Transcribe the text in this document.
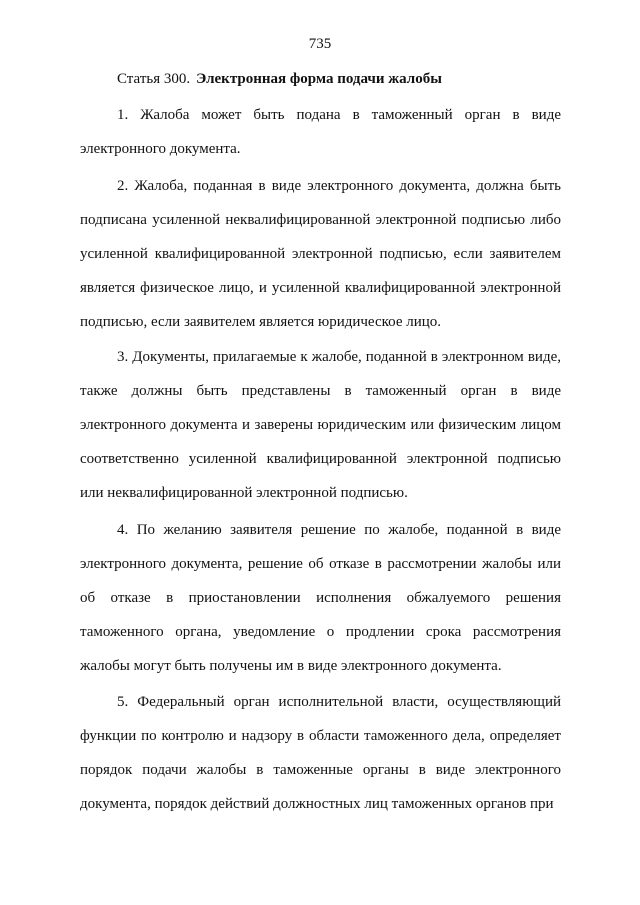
735
Статья 300. Электронная форма подачи жалобы

1. Жалоба может быть подана в таможенный орган в виде электронного документа.

2. Жалоба, поданная в виде электронного документа, должна быть подписана усиленной неквалифицированной электронной подписью либо усиленной квалифицированной электронной подписью, если заявителем является физическое лицо, и усиленной квалифицированной электронной подписью, если заявителем является юридическое лицо.

3. Документы, прилагаемые к жалобе, поданной в электронном виде, также должны быть представлены в таможенный орган в виде электронного документа и заверены юридическим или физическим лицом соответственно усиленной квалифицированной электронной подписью или неквалифицированной электронной подписью.

4. По желанию заявителя решение по жалобе, поданной в виде электронного документа, решение об отказе в рассмотрении жалобы или об отказе в приостановлении исполнения обжалуемого решения таможенного органа, уведомление о продлении срока рассмотрения жалобы могут быть получены им в виде электронного документа.

5. Федеральный орган исполнительной власти, осуществляющий функции по контролю и надзору в области таможенного дела, определяет порядок подачи жалобы в таможенные органы в виде электронного документа, порядок действий должностных лиц таможенных органов при
